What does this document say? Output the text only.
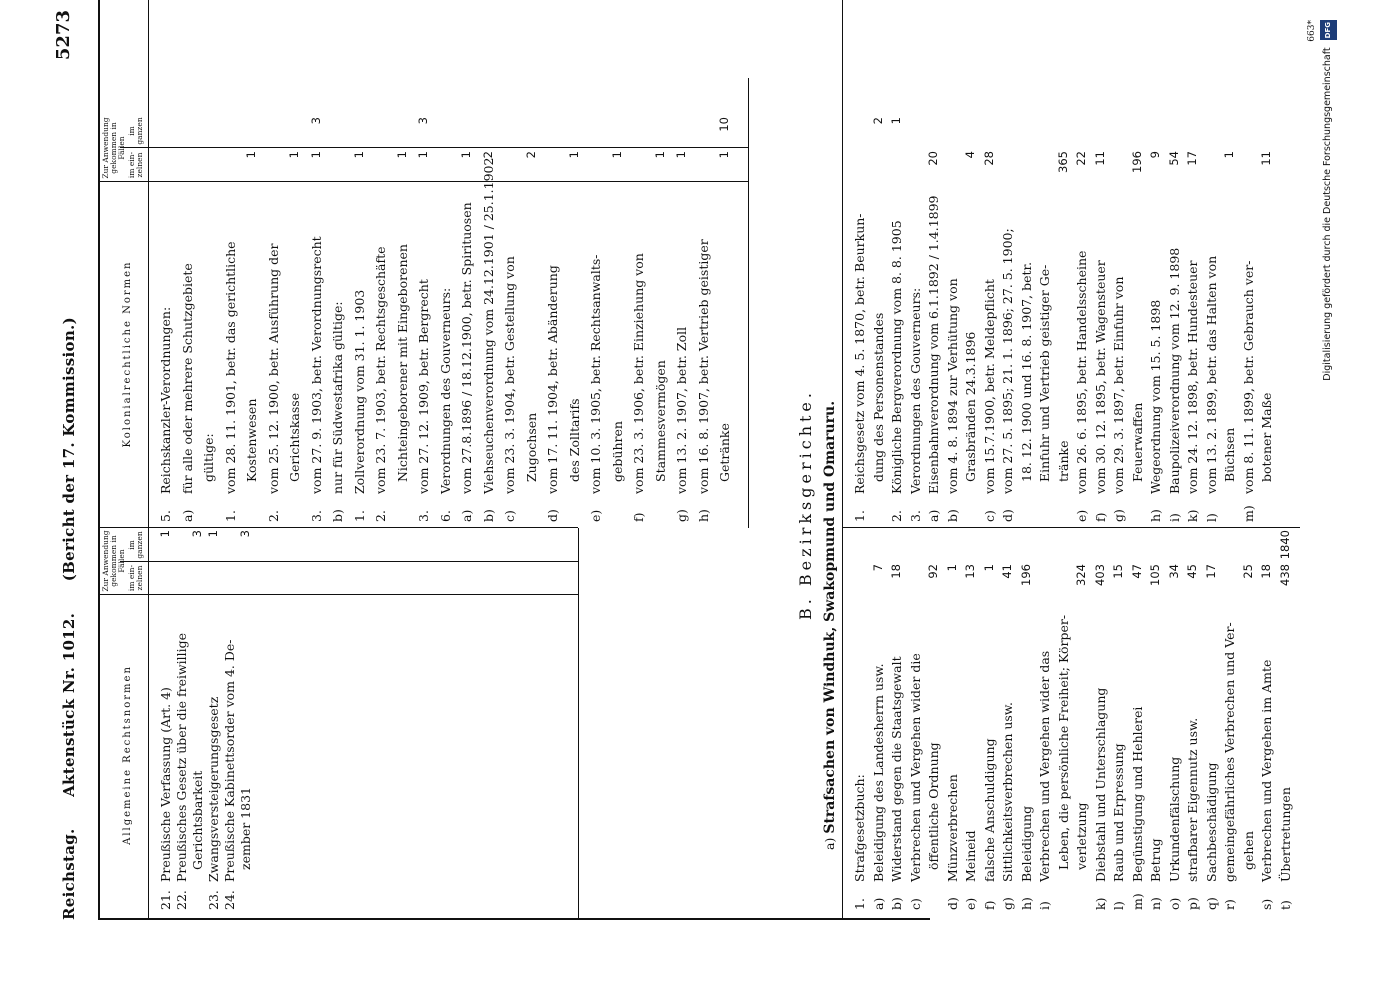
Reichstag. Aktenstück Nr. 1012. (Bericht der 17. Kommission.)
5273
Allgemeine Rechtsnormen
Zur Anwendung gekommen in Fällen
im ein-zelnen
im ganzen
Kolonialrechtliche Normen
Zur Anwendung gekommen in Fällen
im ein-zelnen
im ganzen
21.Preußische Verfassung (Art. 4)
1
22.Preußisches Gesetz über die freiwillige Gerichtsbarkeit
3
23.Zwangsversteigerungsgesetz
1
24.Preußische Kabinettsorder vom 4. De- zember 1831
3
5.Reichskanzler-Verordnungen:
a)für alle oder mehrere Schutzgebiete gültige:
1.vom 28. 11. 1901, betr. das gerichtliche Kostenwesen
1
2.vom 25. 12. 1900, betr. Ausführung der Gerichtskasse
1
3.vom 27. 9. 1903, betr. Verordnungsrecht
1
3
b)nur für Südwestafrika gültige:
1.Zollverordnung vom 31. 1. 1903
1
2.vom 23. 7. 1903, betr. Rechtsgeschäfte Nichteingeborener mit Eingeborenen
1
3.vom 27. 12. 1909, betr. Bergrecht
1
3
6.Verordnungen des Gouverneurs:
a)vom 27.8.1896 / 18.12.1900, betr. Spirituosen
1
b)Viehseuchenverordnung vom 24.12.1901 / 25.1.1902
2
c)vom 23. 3. 1904, betr. Gestellung von Zugochsen
2
d)vom 17. 11. 1904, betr. Abänderung des Zolltarifs
1
e)vom 10. 3. 1905, betr. Rechtsanwalts- gebühren
1
f)vom 23. 3. 1906, betr. Einziehung von Stammesvermögen
1
g)vom 13. 2. 1907, betr. Zoll
1
h)vom 16. 8. 1907, betr. Vertrieb geistiger Getränke
1
10
B. Bezirksgerichte.
a) Strafsachen von Windhuk, Swakopmund und Omaruru.
1.Strafgesetzbuch:
a)Beleidigung des Landesherrn usw.
7
b)Widerstand gegen die Staatsgewalt
18
c)Verbrechen und Vergehen wider die öffentliche Ordnung
92
d)Münzverbrechen
1
e)Meineid
13
f)falsche Anschuldigung
1
g)Sittlichkeitsverbrechen usw.
41
h)Beleidigung
196
i)Verbrechen und Vergehen wider das Leben, die persönliche Freiheit; Körper- verletzung
324
k)Diebstahl und Unterschlagung
403
l)Raub und Erpressung
15
m)Begünstigung und Hehlerei
47
n)Betrug
105
o)Urkundenfälschung
34
p)strafbarer Eigennutz usw.
45
q)Sachbeschädigung
17
r)gemeingefährliches Verbrechen und Ver- gehen
25
s)Verbrechen und Vergehen im Amte
18
t)Übertretungen
438
1840
1.Reichsgesetz vom 4. 5. 1870, betr. Beurkun- dung des Personenstandes
2
2.Königliche Bergverordnung vom 8. 8. 1905
1
3.Verordnungen des Gouverneurs:
a)Eisenbahnverordnung vom 6.1.1892 / 1.4.1899
20
b)vom 4. 8. 1894 zur Verhütung von Grasbränden 24.3.1896
4
c)vom 15.7.1900, betr. Meldepflicht
28
d)vom 27. 5. 1895; 21. 1. 1896; 27. 5. 1900; 18. 12. 1900 und 16. 8. 1907, betr. Einfuhr und Vertrieb geistiger Ge- tränke
365
e)vom 26. 6. 1895, betr. Handelsscheine
22
f)vom 30. 12. 1895, betr. Wagensteuer
11
g)vom 29. 3. 1897, betr. Einfuhr von Feuerwaffen
196
h)Wegeordnung vom 15. 5. 1898
9
i)Baupolizeiverordnung vom 12. 9. 1898
54
k)vom 24. 12. 1898, betr. Hundesteuer
17
l)vom 13. 2. 1899, betr. das Halten von Büchsen
1
m)vom 8. 11. 1899, betr. Gebrauch ver- botener Maße
11
663*
Digitalisierung gefördert durch die Deutsche Forschungsgemeinschaft DFG
